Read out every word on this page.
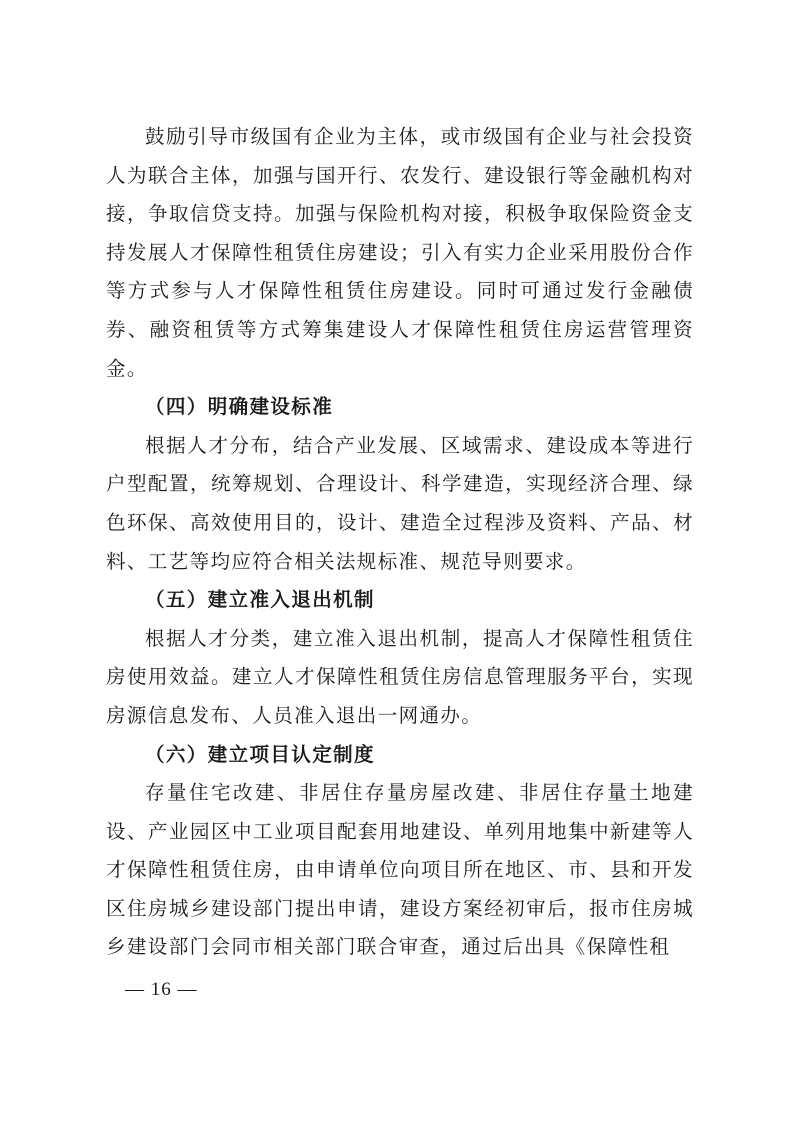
鼓励引导市级国有企业为主体，或市级国有企业与社会投资人为联合主体，加强与国开行、农发行、建设银行等金融机构对接，争取信贷支持。加强与保险机构对接，积极争取保险资金支持发展人才保障性租赁住房建设；引入有实力企业采用股份合作等方式参与人才保障性租赁住房建设。同时可通过发行金融债券、融资租赁等方式筹集建设人才保障性租赁住房运营管理资金。

（四）明确建设标准

根据人才分布，结合产业发展、区域需求、建设成本等进行户型配置，统筹规划、合理设计、科学建造，实现经济合理、绿色环保、高效使用目的，设计、建造全过程涉及资料、产品、材料、工艺等均应符合相关法规标准、规范导则要求。

（五）建立准入退出机制

根据人才分类，建立准入退出机制，提高人才保障性租赁住房使用效益。建立人才保障性租赁住房信息管理服务平台，实现房源信息发布、人员准入退出一网通办。

（六）建立项目认定制度

存量住宅改建、非居住存量房屋改建、非居住存量土地建设、产业园区中工业项目配套用地建设、单列用地集中新建等人才保障性租赁住房，由申请单位向项目所在地区、市、县和开发区住房城乡建设部门提出申请，建设方案经初审后，报市住房城乡建设部门会同市相关部门联合审查，通过后出具《保障性租

— 16 —
